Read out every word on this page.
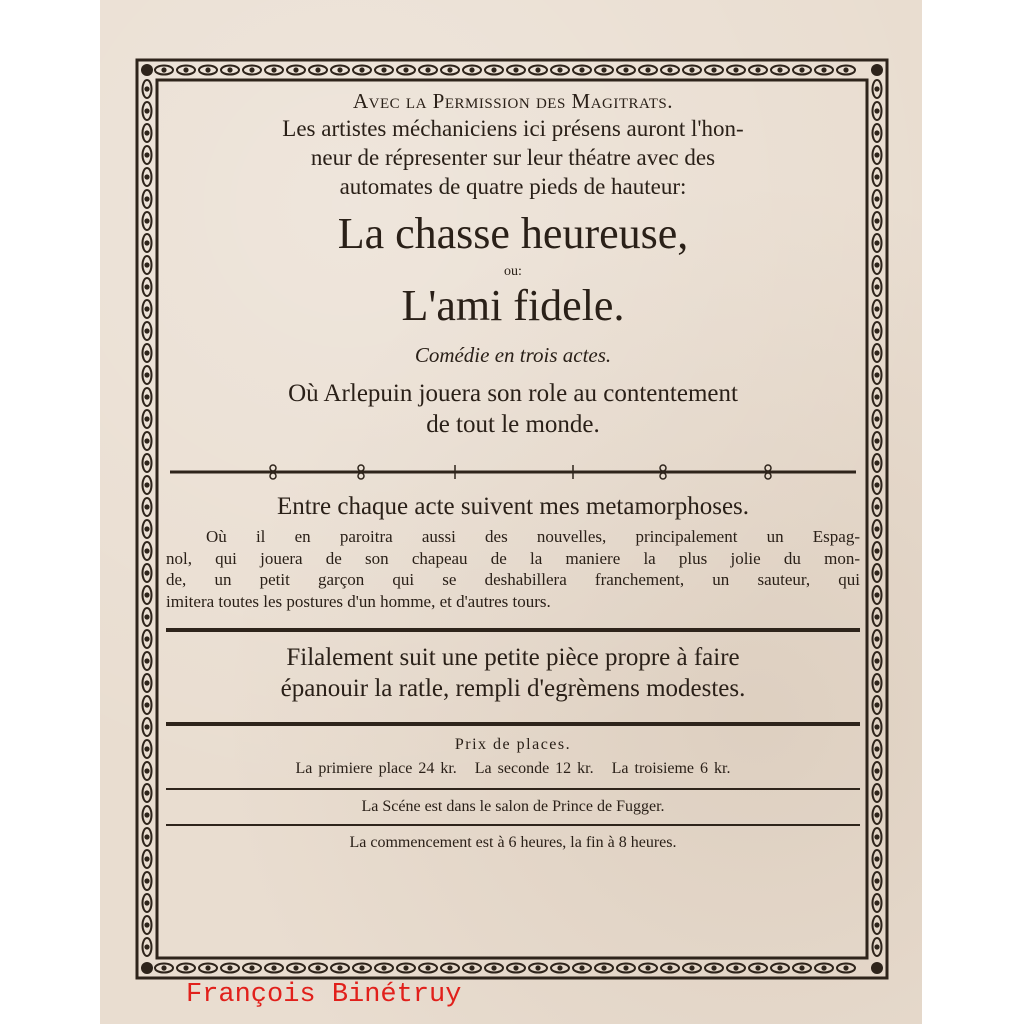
Avec la Permission des Magitrats.

Les artistes méchaniciens ici présens auront l'hon-

neur de répresenter sur leur théatre avec des

automates de quatre pieds de hauteur:

La chasse heureuse,

ou:

L'ami fidele.

Comédie en trois actes.

Où Arlepuin jouera son role au contentement

de tout le monde.

Entre chaque acte suivent mes metamorphoses.

Où il en paroitra aussi des nouvelles, principalement un Espag-

nol, qui jouera de son chapeau de la maniere la plus jolie du mon-

de, un petit garçon qui se deshabillera franchement, un sauteur, qui

imitera toutes les postures d'un homme, et d'autres tours.

Filalement suit une petite pièce propre à faire

épanouir la ratle, rempli d'egrèmens modestes.

Prix de places.

La primiere place 24 kr.   La seconde 12 kr.   La troisieme 6 kr.

La Scéne est dans le salon de Prince de Fugger.

La commencement est à 6 heures, la fin à 8 heures.

François Binétruy
